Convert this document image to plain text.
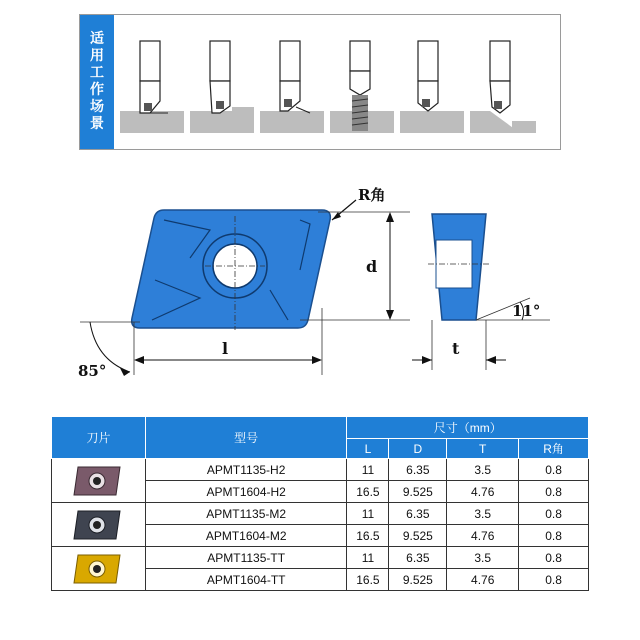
适
用
工
作
场
景
R角
d
l
85°
t
11°
刀片	型号	尺寸（mm）			
		L	D	T	R角

	APMT1135-H2	11	6.35	3.5	0.8
	APMT1604-H2	16.5	9.525	4.76	0.8

	APMT1135-M2	11	6.35	3.5	0.8
	APMT1604-M2	16.5	9.525	4.76	0.8

	APMT1135-TT	11	6.35	3.5	0.8
	APMT1604-TT	16.5	9.525	4.76	0.8
